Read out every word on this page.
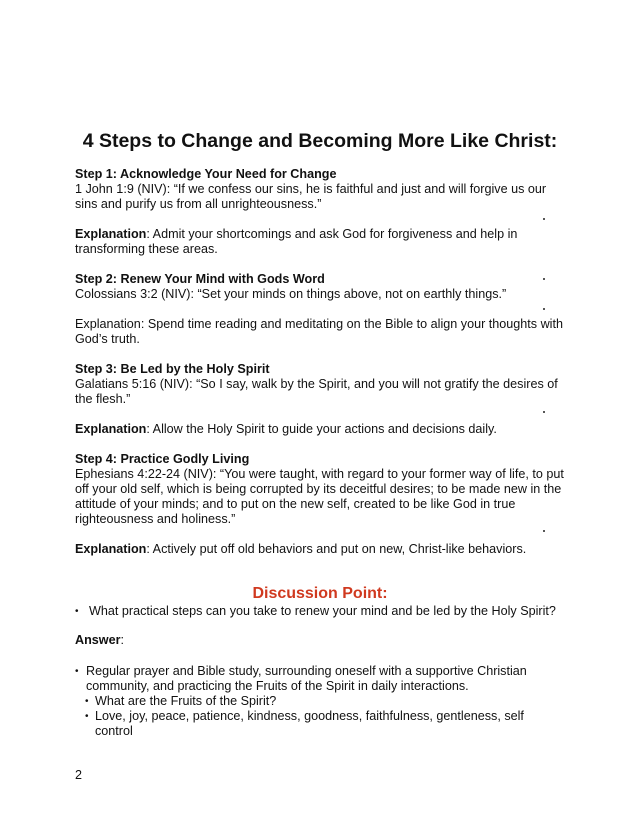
4 Steps to Change and Becoming More Like Christ:
Step 1: Acknowledge Your Need for Change
1 John 1:9 (NIV): “If we confess our sins, he is faithful and just and will forgive us our sins and purify us from all unrighteousness.”
Explanation: Admit your shortcomings and ask God for forgiveness and help in transforming these areas.
Step 2: Renew Your Mind with Gods Word
Colossians 3:2 (NIV): “Set your minds on things above, not on earthly things.”
Explanation: Spend time reading and meditating on the Bible to align your thoughts with God’s truth.
Step 3: Be Led by the Holy Spirit
Galatians 5:16 (NIV): “So I say, walk by the Spirit, and you will not gratify the desires of the flesh.”
Explanation: Allow the Holy Spirit to guide your actions and decisions daily.
Step 4: Practice Godly Living
Ephesians 4:22-24 (NIV): “You were taught, with regard to your former way of life, to put off your old self, which is being corrupted by its deceitful desires; to be made new in the attitude of your minds; and to put on the new self, created to be like God in true righteousness and holiness.”
Explanation: Actively put off old behaviors and put on new, Christ-like behaviors.
Discussion Point:
• What practical steps can you take to renew your mind and be led by the Holy Spirit?
Answer:
• Regular prayer and Bible study, surrounding oneself with a supportive Christian community, and practicing the Fruits of the Spirit in daily interactions.
• What are the Fruits of the Spirit?
• Love, joy, peace, patience, kindness, goodness, faithfulness, gentleness, self control
2
